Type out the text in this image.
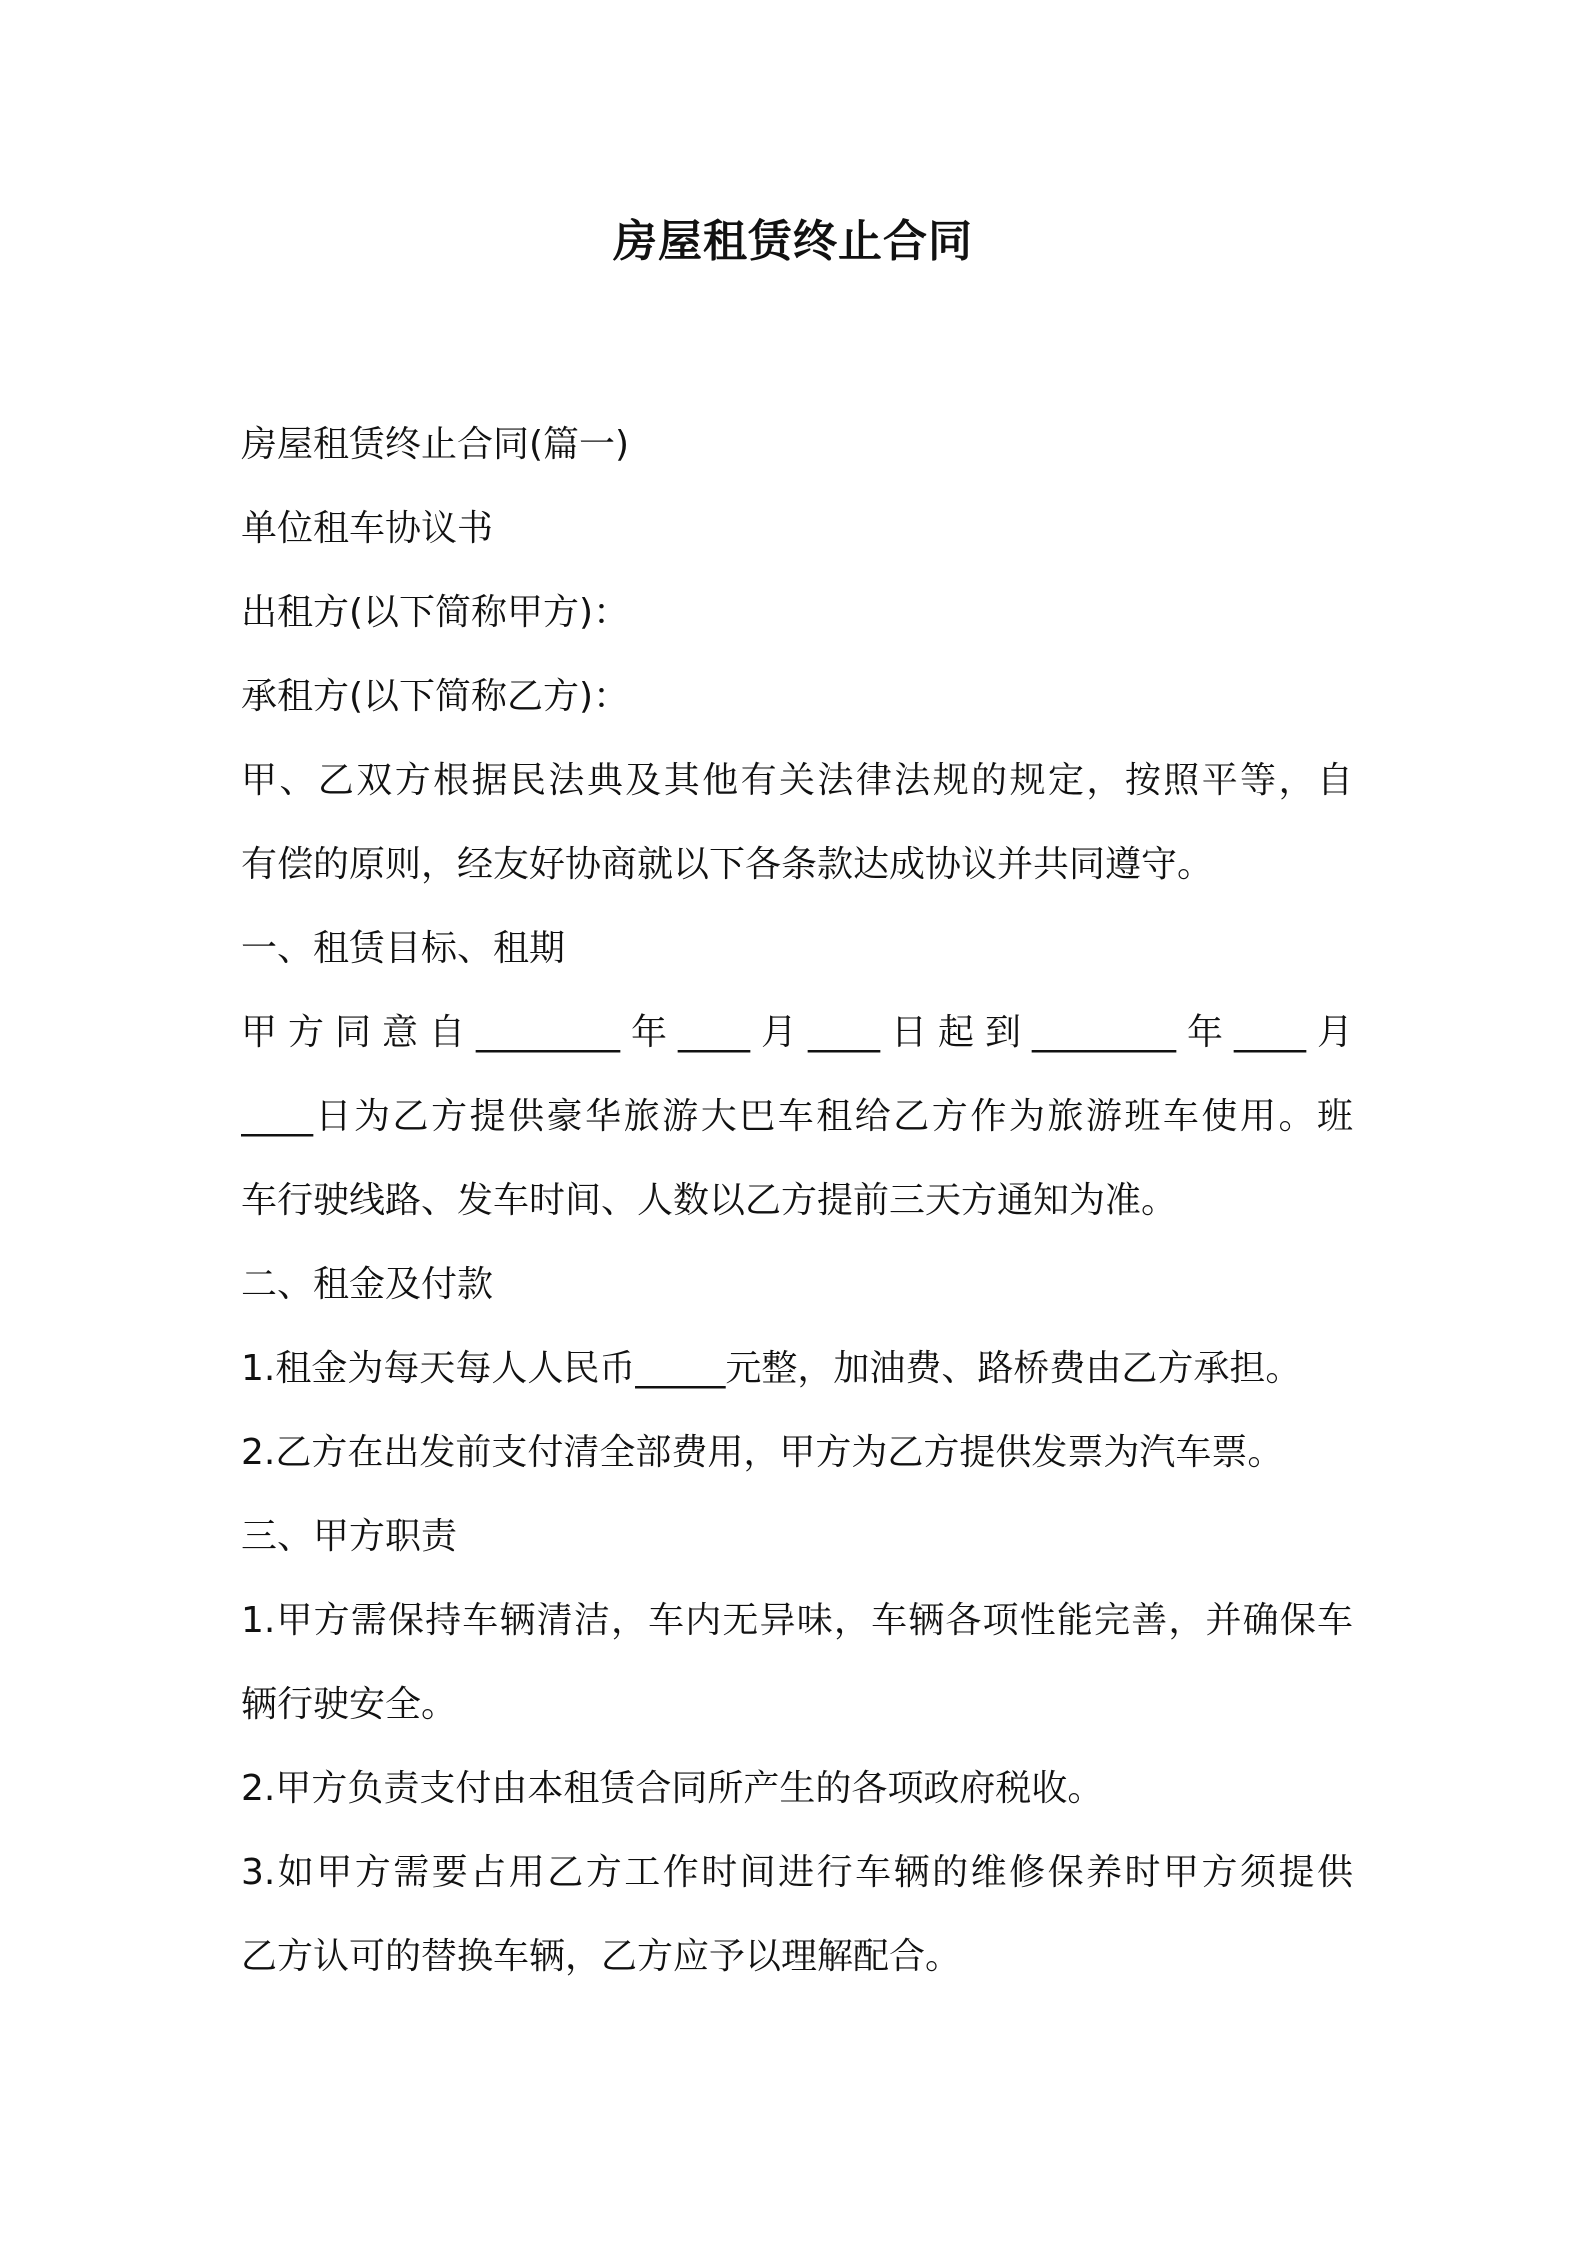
房屋租赁终止合同

房屋租赁终止合同(篇一)

单位租车协议书

出租方(以下简称甲方)：

承租方(以下简称乙方)：

甲、乙双方根据民法典及其他有关法律法规的规定，按照平等，自

有偿的原则，经友好协商就以下各条款达成协议并共同遵守。

一、租赁目标、租期

甲方同意自________年____月____日起到________年____月

____日为乙方提供豪华旅游大巴车租给乙方作为旅游班车使用。班

车行驶线路、发车时间、人数以乙方提前三天方通知为准。

二、租金及付款

1.租金为每天每人人民币_____元整，加油费、路桥费由乙方承担。

2.乙方在出发前支付清全部费用，甲方为乙方提供发票为汽车票。

三、甲方职责

1.甲方需保持车辆清洁，车内无异味，车辆各项性能完善，并确保车

辆行驶安全。

2.甲方负责支付由本租赁合同所产生的各项政府税收。

3.如甲方需要占用乙方工作时间进行车辆的维修保养时甲方须提供

乙方认可的替换车辆，乙方应予以理解配合。
